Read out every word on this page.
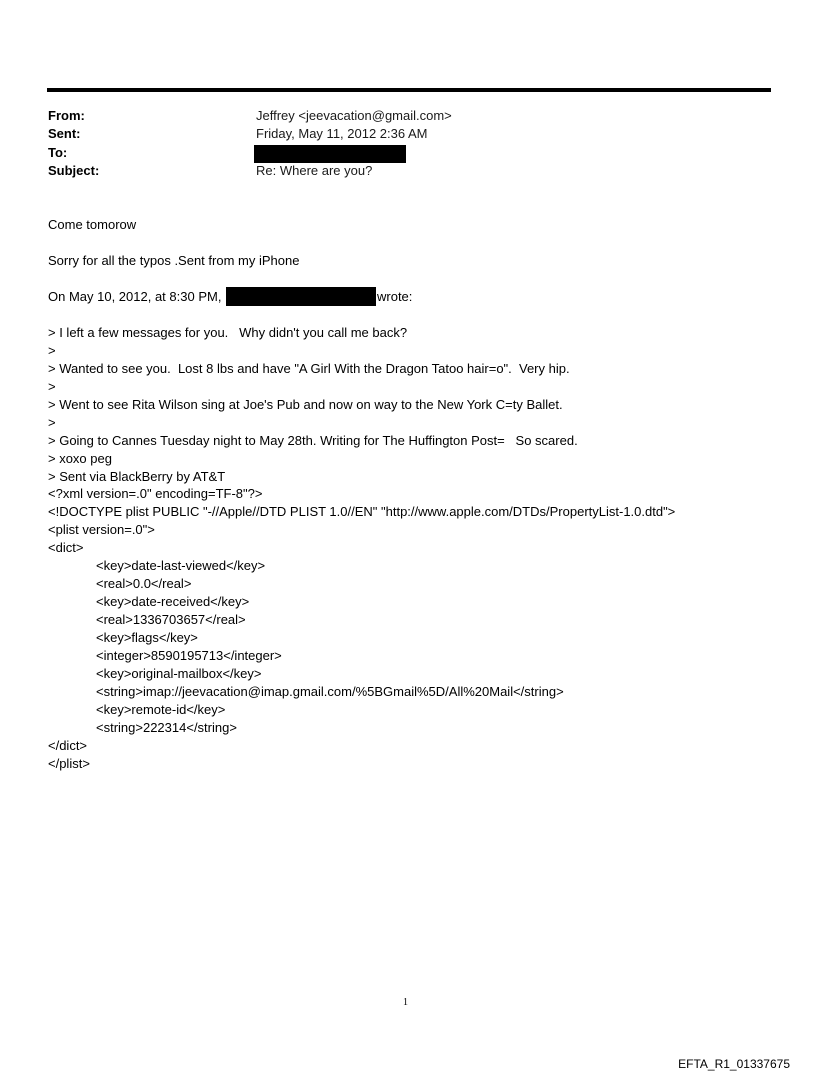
From:	Jeffrey <jeevacation@gmail.com>
Sent:	Friday, May 11, 2012 2:36 AM
To:
Subject:	Re: Where are you?
Come tomorow
Sorry for all the typos .Sent from my iPhone
On May 10, 2012, at 8:30 PM,	wrote:
> I left a few messages for you.   Why didn't you call me back?
>
> Wanted to see you.  Lost 8 lbs and have "A Girl With the Dragon Tatoo hair=o".  Very hip.
>
> Went to see Rita Wilson sing at Joe's Pub and now on way to the New York C=ty Ballet.
>
> Going to Cannes Tuesday night to May 28th. Writing for The Huffington Post=   So scared.
> xoxo peg
> Sent via BlackBerry by AT&T
<?xml version=.0" encoding=TF-8"?>
<!DOCTYPE plist PUBLIC "-//Apple//DTD PLIST 1.0//EN" "http://www.apple.com/DTDs/PropertyList-1.0.dtd">
<plist version=.0">
<dict>
<key>date-last-viewed</key>
<real>0.0</real>
<key>date-received</key>
<real>1336703657</real>
<key>flags</key>
<integer>8590195713</integer>
<key>original-mailbox</key>
<string>imap://jeevacation@imap.gmail.com/%5BGmail%5D/All%20Mail</string>
<key>remote-id</key>
<string>222314</string>
</dict>
</plist>
1
EFTA_R1_01337675
